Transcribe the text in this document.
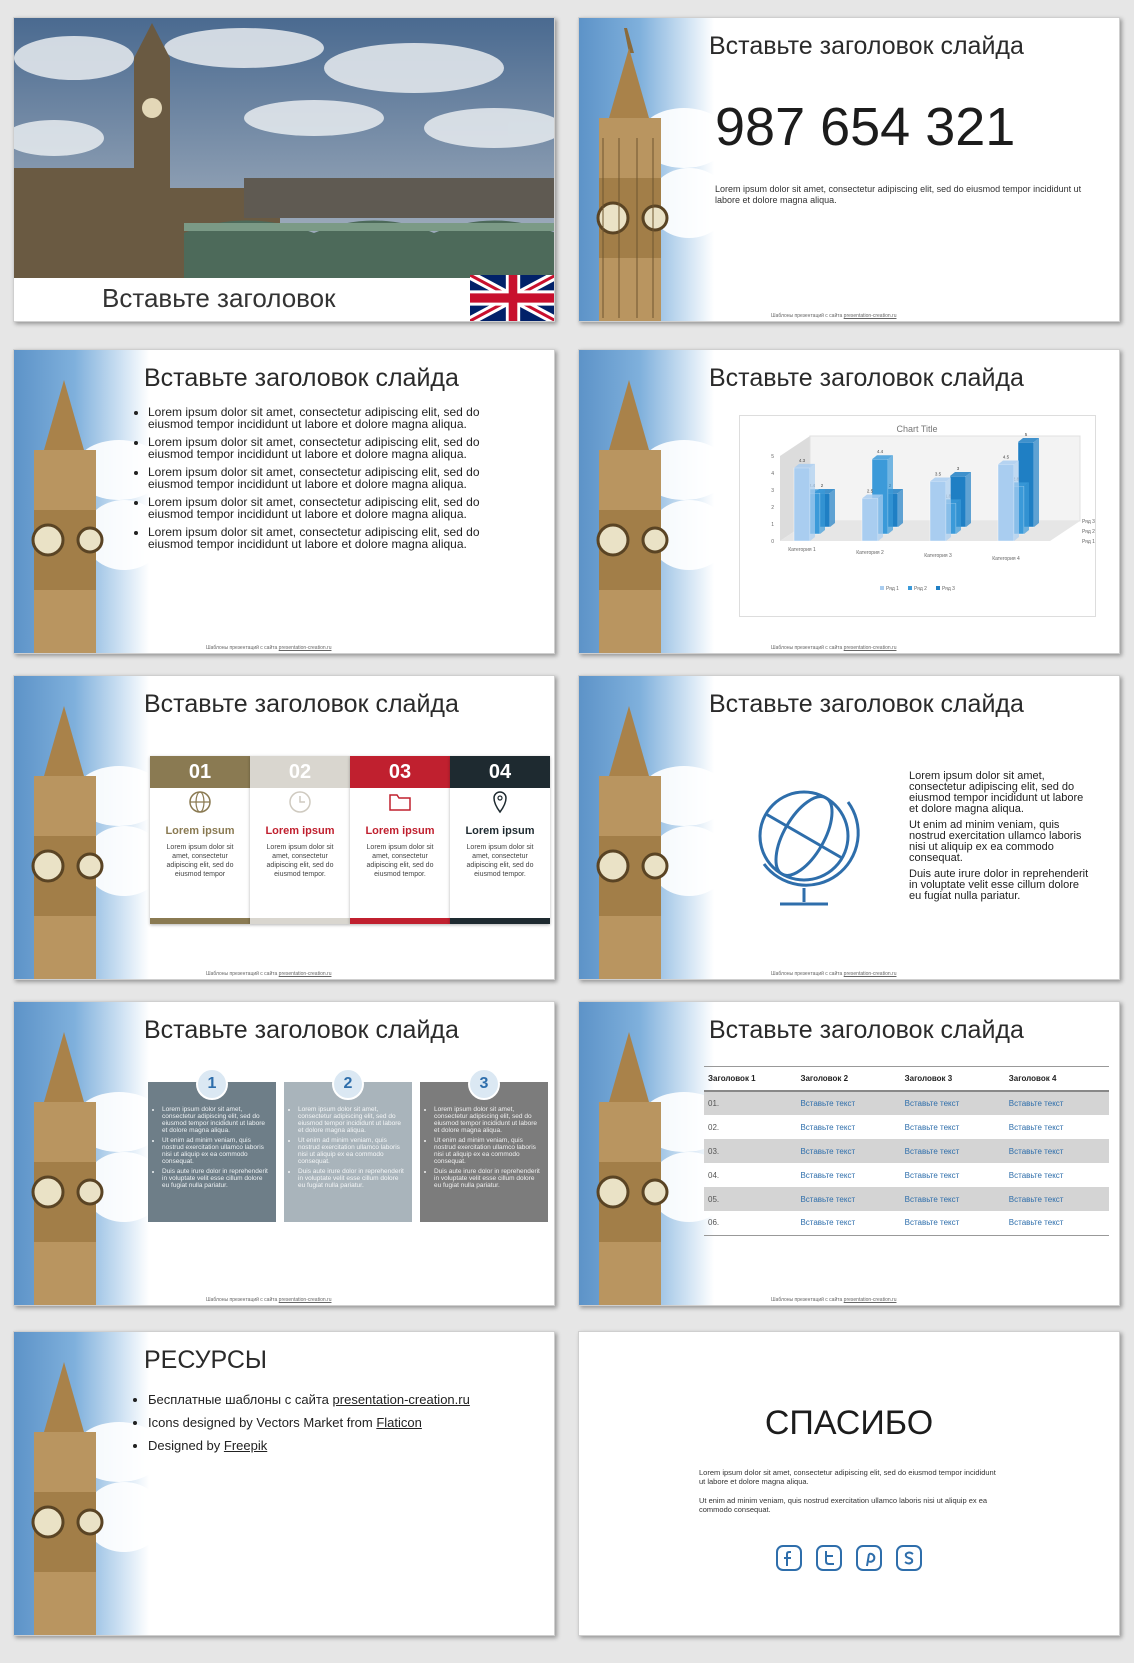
Вставьте заголовок
Вставьте заголовок слайда
987 654 321
Lorem ipsum dolor sit amet, consectetur adipiscing elit, sed do eiusmod tempor incididunt ut labore et dolore magna aliqua.
Шаблоны презентаций с сайта presentation-creation.ru
Вставьте заголовок слайда
• Lorem ipsum dolor sit amet, consectetur adipiscing elit, sed do eiusmod tempor incididunt ut labore et dolore magna aliqua.
• Lorem ipsum dolor sit amet, consectetur adipiscing elit, sed do eiusmod tempor incididunt ut labore et dolore magna aliqua.
• Lorem ipsum dolor sit amet, consectetur adipiscing elit, sed do eiusmod tempor incididunt ut labore et dolore magna aliqua.
• Lorem ipsum dolor sit amet, consectetur adipiscing elit, sed do eiusmod tempor incididunt ut labore et dolore magna aliqua.
• Lorem ipsum dolor sit amet, consectetur adipiscing elit, sed do eiusmod tempor incididunt ut labore et dolore magna aliqua.
Шаблоны презентаций с сайта presentation-creation.ru
Вставьте заголовок слайда
Chart Title
0
1
2
3
4
5
2
3
5
4.4
4.3
2.5
3.5
4.5
Категория 1	Категория 2	Категория 3	Категория 4
Ряд 3
Ряд 2
Ряд 1
Ряд 1	Ряд 2	Ряд 3
Шаблоны презентаций с сайта presentation-creation.ru
Вставьте заголовок слайда
01
Lorem ipsum
Lorem ipsum dolor sit amet, consectetur adipiscing elit, sed do eiusmod tempor
02
Lorem ipsum
Lorem ipsum dolor sit amet, consectetur adipiscing elit, sed do eiusmod tempor.
03
Lorem ipsum
Lorem ipsum dolor sit amet, consectetur adipiscing elit, sed do eiusmod tempor.
04
Lorem ipsum
Lorem ipsum dolor sit amet, consectetur adipiscing elit, sed do eiusmod tempor.
Шаблоны презентаций с сайта presentation-creation.ru
Вставьте заголовок слайда

Lorem ipsum dolor sit amet, consectetur adipiscing elit, sed do eiusmod tempor incididunt ut labore et dolore magna aliqua.

Ut enim ad minim veniam, quis nostrud exercitation ullamco laboris nisi ut aliquip ex ea commodo consequat.

Duis aute irure dolor in reprehenderit in voluptate velit esse cillum dolore eu fugiat nulla pariatur.

Шаблоны презентаций с сайта presentation-creation.ru
Вставьте заголовок слайда
1
• Lorem ipsum dolor sit amet, consectetur adipiscing elit, sed do eiusmod tempor incididunt ut labore et dolore magna aliqua.
• Ut enim ad minim veniam, quis nostrud exercitation ullamco laboris nisi ut aliquip ex ea commodo consequat.
• Duis aute irure dolor in reprehenderit in voluptate velit esse cillum dolore eu fugiat nulla pariatur.
2
• Lorem ipsum dolor sit amet, consectetur adipiscing elit, sed do eiusmod tempor incididunt ut labore et dolore magna aliqua.
• Ut enim ad minim veniam, quis nostrud exercitation ullamco laboris nisi ut aliquip ex ea commodo consequat.
• Duis aute irure dolor in reprehenderit in voluptate velit esse cillum dolore eu fugiat nulla pariatur.
3
• Lorem ipsum dolor sit amet, consectetur adipiscing elit, sed do eiusmod tempor incididunt ut labore et dolore magna aliqua.
• Ut enim ad minim veniam, quis nostrud exercitation ullamco laboris nisi ut aliquip ex ea commodo consequat.
• Duis aute irure dolor in reprehenderit in voluptate velit esse cillum dolore eu fugiat nulla pariatur.
Шаблоны презентаций с сайта presentation-creation.ru
Вставьте заголовок слайда
Заголовок 1	Заголовок 2	Заголовок 3	Заголовок 4
01.	Вставьте текст	Вставьте текст	Вставьте текст
02.	Вставьте текст	Вставьте текст	Вставьте текст
03.	Вставьте текст	Вставьте текст	Вставьте текст
04.	Вставьте текст	Вставьте текст	Вставьте текст
05.	Вставьте текст	Вставьте текст	Вставьте текст
06.	Вставьте текст	Вставьте текст	Вставьте текст
Шаблоны презентаций с сайта presentation-creation.ru
РЕСУРСЫ
• Бесплатные шаблоны с сайта presentation-creation.ru
• Icons designed by Vectors Market from Flaticon
• Designed by Freepik
СПАСИБО
Lorem ipsum dolor sit amet, consectetur adipiscing elit, sed do eiusmod tempor incididunt ut labore et dolore magna aliqua.
Ut enim ad minim veniam, quis nostrud exercitation ullamco laboris nisi ut aliquip ex ea commodo consequat.
